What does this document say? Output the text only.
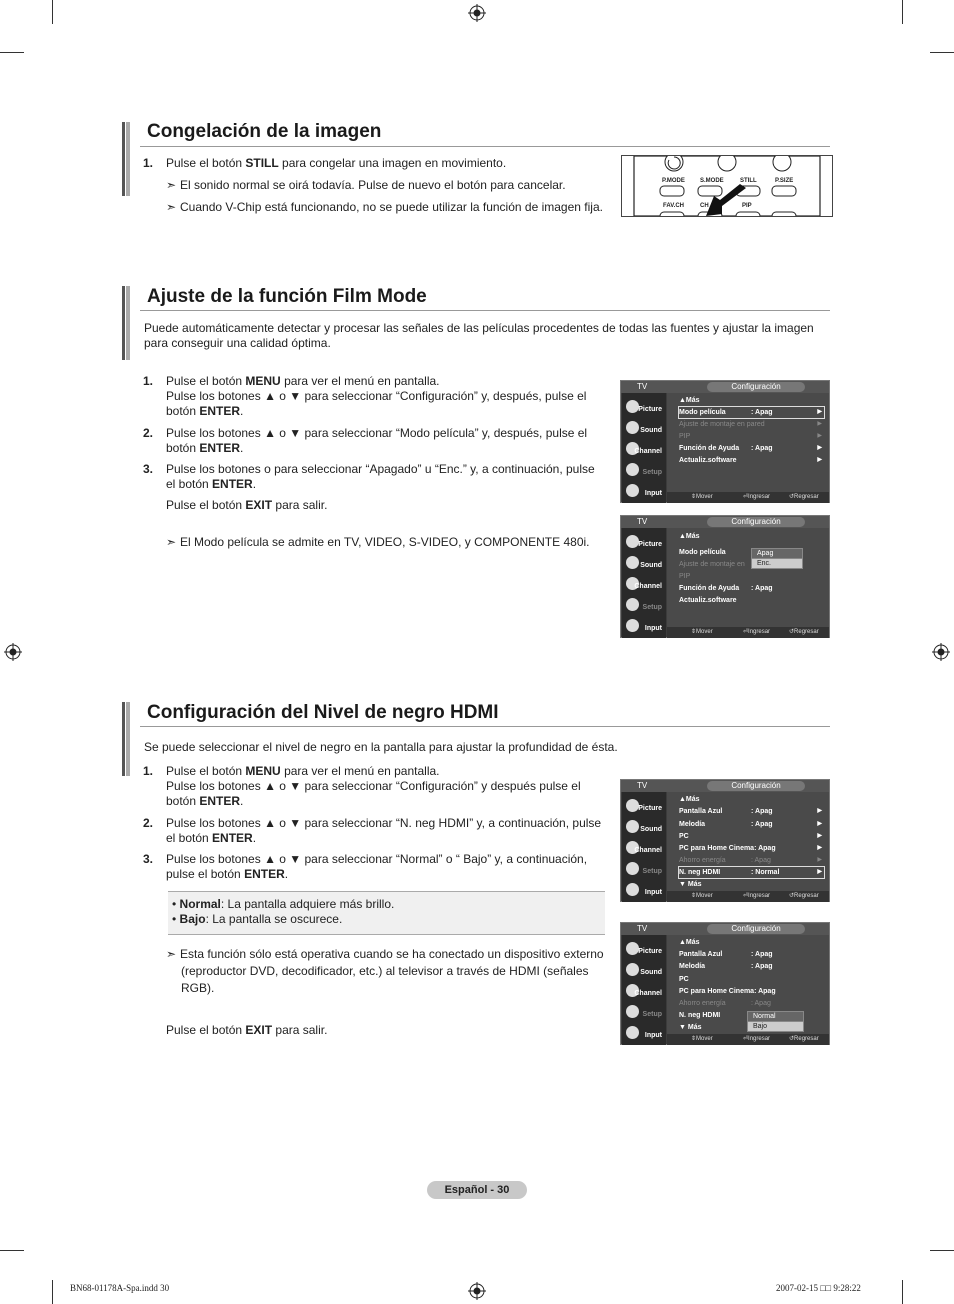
Congelación de la imagen
1. Pulse el botón STILL para congelar una imagen en movimiento.
➣ El sonido normal se oirá todavía. Pulse de nuevo el botón para cancelar.
➣ Cuando V-Chip está funcionando, no se puede utilizar la función de imagen fija.
P.MODE	S.MODE	STILL	P.SIZE
FAV.CH	CH	PIP
Ajuste de la función Film Mode
Puede automáticamente detectar y procesar las señales de las películas procedentes de todas las fuentes y ajustar la imagen para conseguir una calidad óptima.
1. Pulse el botón MENU para ver el menú en pantalla.
Pulse los botones ▲ o ▼ para seleccionar “Configuración” y, después, pulse el botón ENTER.
2. Pulse los botones ▲ o ▼ para seleccionar “Modo película” y, después, pulse el botón ENTER.
3. Pulse los botones o para seleccionar “Apagado” u “Enc.” y, a continuación, pulse el botón ENTER.
Pulse el botón EXIT para salir.
➣ El Modo película se admite en TV, VIDEO, S-VIDEO, y COMPONENTE 480i.
TV	Configuración
Picture
Sound
Channel
Setup
Input
▲Más
Modo película	: Apag	▶
Ajuste de montaje en pared	▶
PIP	▶
Función de Ayuda : Apag	▶
Actualiz.software	▶
⇕ Mover	⏎ Ingresar	↺ Regresar
TV	Configuración
Picture
Sound
Channel
Setup
Input
▲Más
Modo película
Ajuste de montaje en
PIP
Función de Ayuda : Apag
Actualiz.software
Apag
Enc.
⇕ Mover	⏎ Ingresar	↺ Regresar
Configuración del Nivel de negro HDMI
Se puede seleccionar el nivel de negro en la pantalla para ajustar la profundidad de ésta.
1. Pulse el botón MENU para ver el menú en pantalla.
Pulse los botones ▲ o ▼ para seleccionar “Configuración” y después pulse el botón ENTER.
2. Pulse los botones ▲ o ▼ para seleccionar “N. neg HDMI” y, a continuación, pulse el botón ENTER.
3. Pulse los botones ▲ o ▼ para seleccionar “Normal” o “ Bajo” y, a continuación, pulse el botón ENTER.
• Normal: La pantalla adquiere más brillo.
• Bajo: La pantalla se oscurece.
➣ Esta función sólo está operativa cuando se ha conectado un dispositivo externo (reproductor DVD, decodificador, etc.) al televisor a través de HDMI (señales RGB).
Pulse el botón EXIT para salir.
TV	Configuración
Picture
Sound
Channel
Setup
Input
▲Más
Pantalla Azul	: Apag	▶
Melodía	: Apag	▶
PC	▶
PC para Home Cinema: Apag	▶
Ahorro energía	: Apag	▶
N. neg HDMI	: Normal	▶
▼ Más
⇕ Mover	⏎ Ingresar	↺ Regresar
TV	Configuración
Picture
Sound
Channel
Setup
Input
▲Más
Pantalla Azul	: Apag
Melodía	: Apag
PC
PC para Home Cinema: Apag
Ahorro energía	: Apag
N. neg HDMI
▼ Más
Normal
Bajo
⇕ Mover	⏎ Ingresar	↺ Regresar
Español - 30
BN68-01178A-Spa.indd 30	2007-02-15 □□ 9:28:22
